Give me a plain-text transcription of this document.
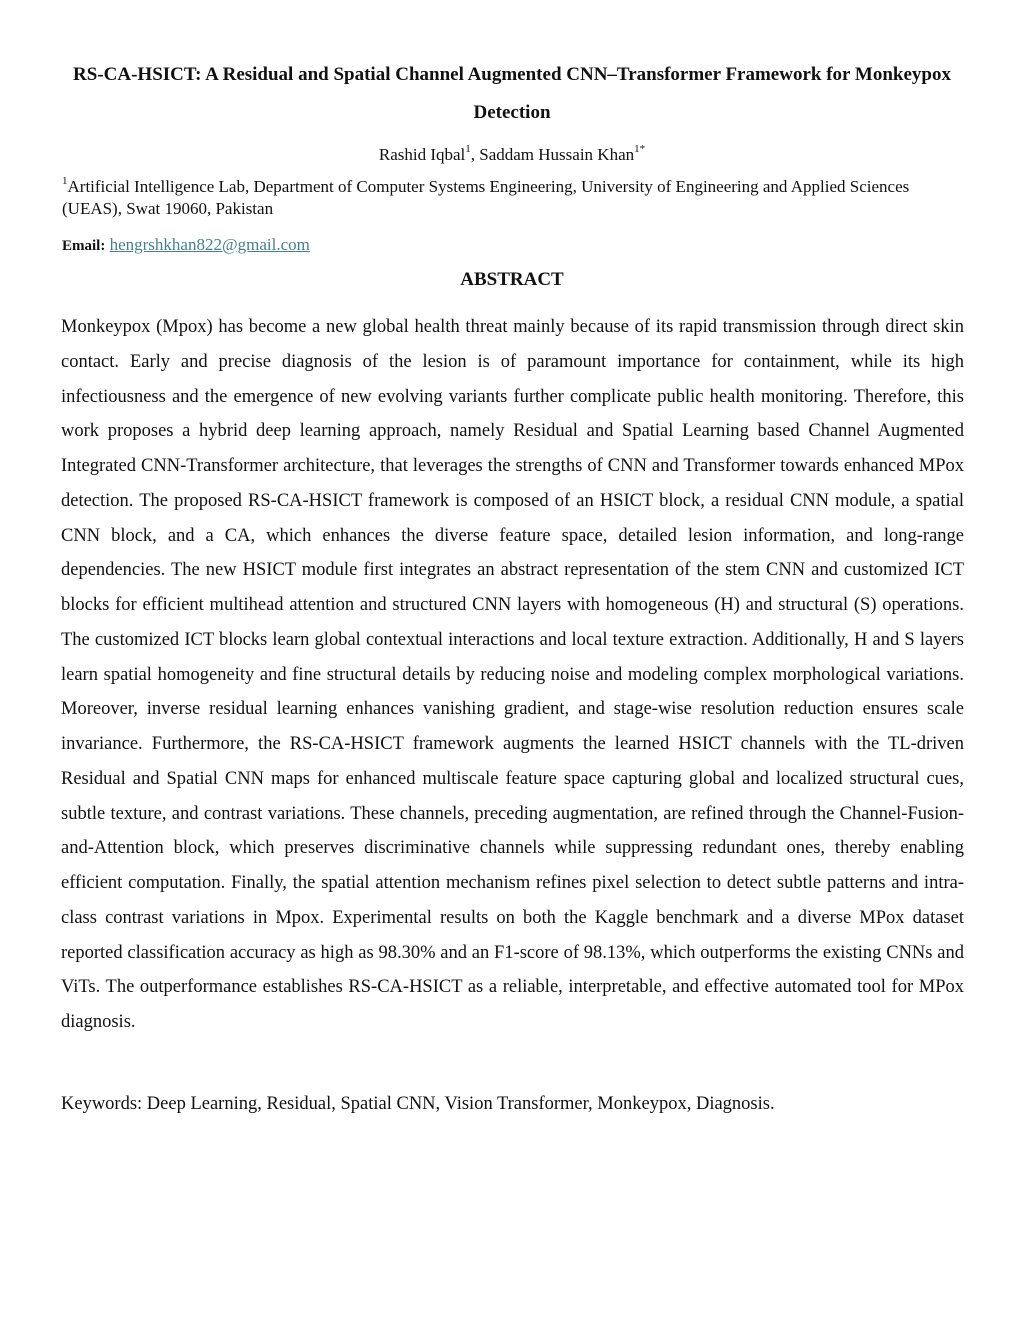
RS-CA-HSICT: A Residual and Spatial Channel Augmented CNN–Transformer Framework for Monkeypox Detection
Rashid Iqbal$^1$, Saddam Hussain Khan$^{1*}$
$^1$Artificial Intelligence Lab, Department of Computer Systems Engineering, University of Engineering and Applied Sciences (UEAS), Swat 19060, Pakistan
Email: hengrshkhan822@gmail.com
ABSTRACT

Monkeypox (Mpox) has become a new global health threat mainly because of its rapid transmission through direct skin contact. Early and precise diagnosis of the lesion is of paramount importance for containment, while its high infectiousness and the emergence of new evolving variants further complicate public health monitoring. Therefore, this work proposes a hybrid deep learning approach, namely Residual and Spatial Learning based Channel Augmented Integrated CNN-Transformer architecture, that leverages the strengths of CNN and Transformer towards enhanced MPox detection. The proposed RS-CA-HSICT framework is composed of an HSICT block, a residual CNN module, a spatial CNN block, and a CA, which enhances the diverse feature space, detailed lesion information, and long-range dependencies. The new HSICT module first integrates an abstract representation of the stem CNN and customized ICT blocks for efficient multihead attention and structured CNN layers with homogeneous (H) and structural (S) operations. The customized ICT blocks learn global contextual interactions and local texture extraction. Additionally, H and S layers learn spatial homogeneity and fine structural details by reducing noise and modeling complex morphological variations. Moreover, inverse residual learning enhances vanishing gradient, and stage-wise resolution reduction ensures scale invariance. Furthermore, the RS-CA-HSICT framework augments the learned HSICT channels with the TL-driven Residual and Spatial CNN maps for enhanced multiscale feature space capturing global and localized structural cues, subtle texture, and contrast variations. These channels, preceding augmentation, are refined through the Channel-Fusion-and-Attention block, which preserves discriminative channels while suppressing redundant ones, thereby enabling efficient computation. Finally, the spatial attention mechanism refines pixel selection to detect subtle patterns and intra-class contrast variations in Mpox. Experimental results on both the Kaggle benchmark and a diverse MPox dataset reported classification accuracy as high as 98.30% and an F1-score of 98.13%, which outperforms the existing CNNs and ViTs. The outperformance establishes RS-CA-HSICT as a reliable, interpretable, and effective automated tool for MPox diagnosis.

Keywords: Deep Learning, Residual, Spatial CNN, Vision Transformer, Monkeypox, Diagnosis.
